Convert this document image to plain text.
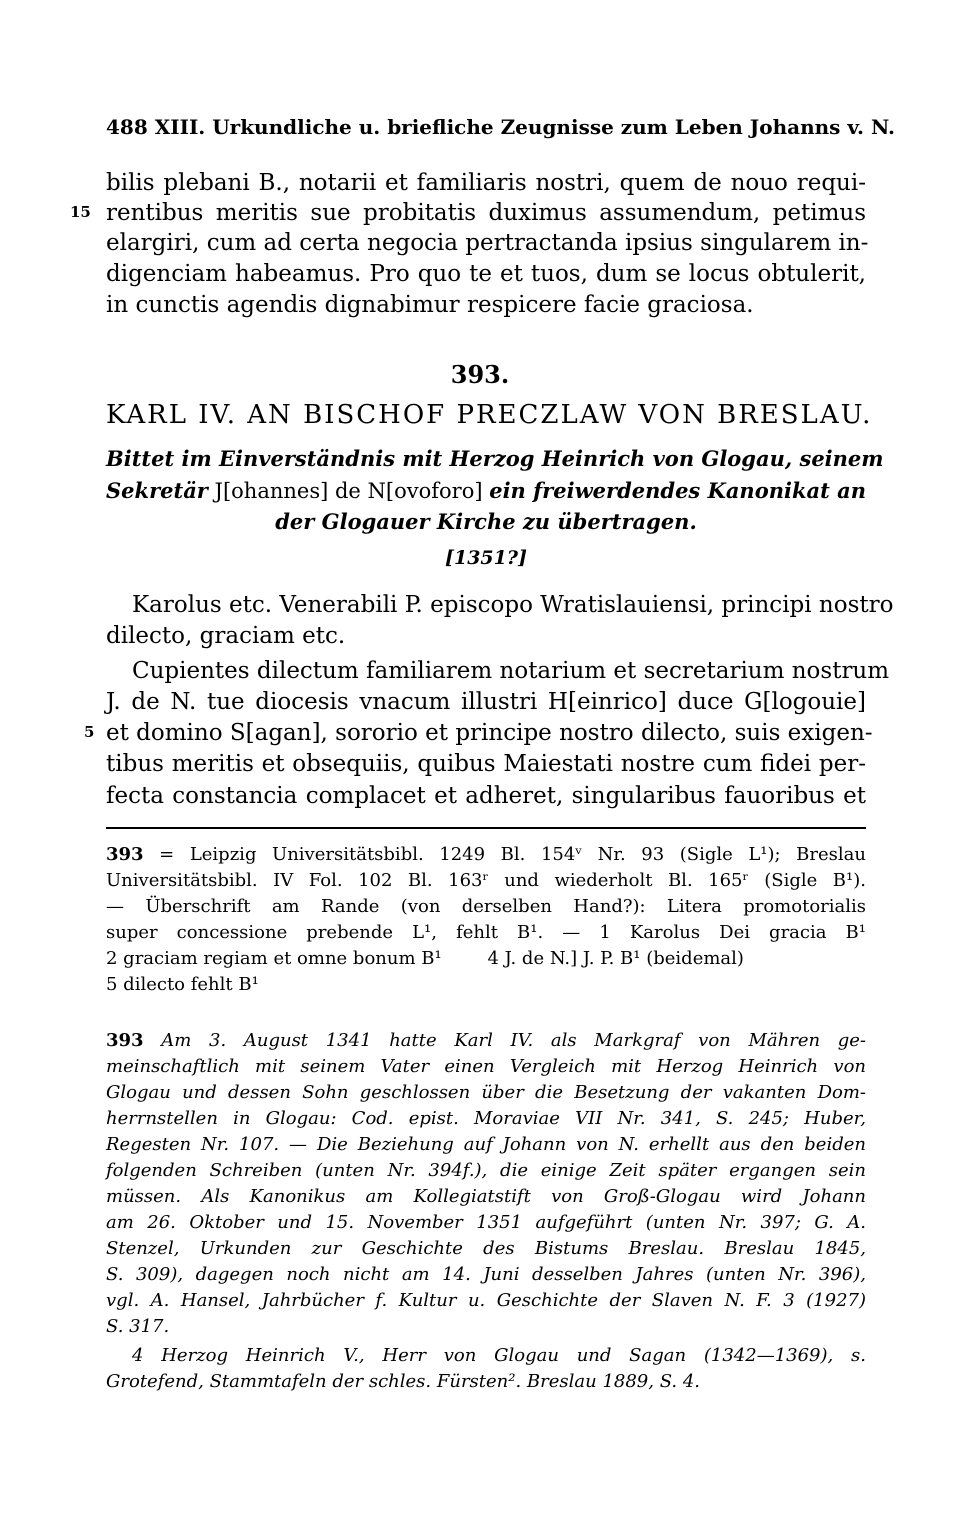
488 XIII. Urkundliche u. briefliche Zeugnisse zum Leben Johanns v. N.
bilis plebani B., notarii et familiaris nostri, quem de nouo requi-
15 rentibus meritis sue probitatis duximus assumendum, petimus
elargiri, cum ad certa negocia pertractanda ipsius singularem in-
digenciam habeamus. Pro quo te et tuos, dum se locus obtulerit,
in cunctis agendis dignabimur respicere facie graciosa.
393.
KARL IV. AN BISCHOF PRECZLAW VON BRESLAU.
Bittet im Einverständnis mit Herzog Heinrich von Glogau, seinem
Sekretär J[ohannes] de N[ovoforo] ein freiwerdendes Kanonikat an
der Glogauer Kirche zu übertragen.
[1351?]
Karolus etc. Venerabili P. episcopo Wratislauiensi, principi nostro
dilecto, graciam etc.
Cupientes dilectum familiarem notarium et secretarium nostrum
J. de N. tue diocesis vnacum illustri H[einrico] duce G[logouie]
5 et domino S[agan], sororio et principe nostro dilecto, suis exigen-
tibus meritis et obsequiis, quibus Maiestati nostre cum fidei per-
fecta constancia complacet et adheret, singularibus fauoribus et
393 = Leipzig Universitätsbibl. 1249 Bl. 154ᵛ Nr. 93 (Sigle L¹); Breslau
Universitätsbibl. IV Fol. 102 Bl. 163ʳ und wiederholt Bl. 165ʳ (Sigle B¹).
— Überschrift am Rande (von derselben Hand?): Litera promotorialis
super concessione prebende L¹, fehlt B¹. — 1 Karolus Dei gracia B¹
2 graciam regiam et omne bonum B¹        4 J. de N.] J. P. B¹ (beidemal)
5 dilecto fehlt B¹
393 Am 3. August 1341 hatte Karl IV. als Markgraf von Mähren ge-
meinschaftlich mit seinem Vater einen Vergleich mit Herzog Heinrich von
Glogau und dessen Sohn geschlossen über die Besetzung der vakanten Dom-
herrnstellen in Glogau: Cod. epist. Moraviae VII Nr. 341, S. 245; Huber,
Regesten Nr. 107. — Die Beziehung auf Johann von N. erhellt aus den beiden
folgenden Schreiben (unten Nr. 394f.), die einige Zeit später ergangen sein
müssen. Als Kanonikus am Kollegiatstift von Groß-Glogau wird Johann
am 26. Oktober und 15. November 1351 aufgeführt (unten Nr. 397; G. A.
Stenzel, Urkunden zur Geschichte des Bistums Breslau. Breslau 1845,
S. 309), dagegen noch nicht am 14. Juni desselben Jahres (unten Nr. 396),
vgl. A. Hansel, Jahrbücher f. Kultur u. Geschichte der Slaven N. F. 3 (1927)
S. 317.
4 Herzog Heinrich V., Herr von Glogau und Sagan (1342—1369), s.
Grotefend, Stammtafeln der schles. Fürsten². Breslau 1889, S. 4.
